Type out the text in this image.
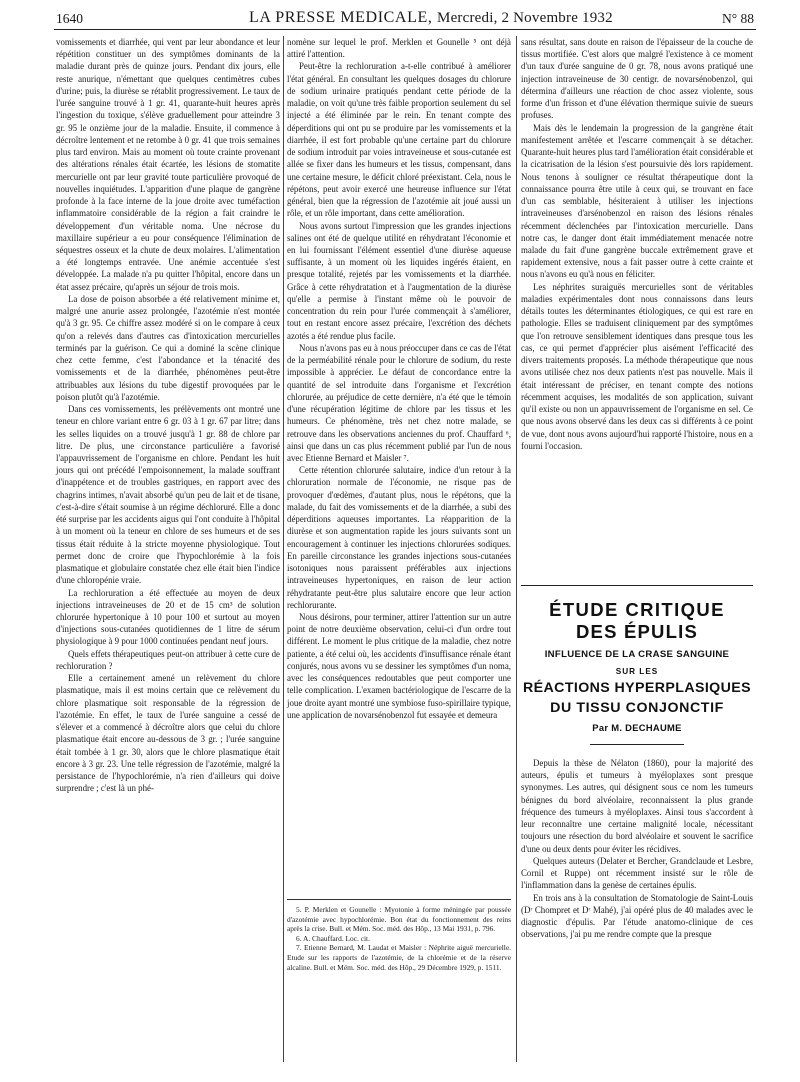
1640	LA PRESSE MEDICALE, Mercredi, 2 Novembre 1932	N° 88

vomissements et diarrhée, qui vent par leur abondance et leur répétition constituer un des symptômes dominants de la maladie durant près de quinze jours. Pendant dix jours, elle reste anurique, n'émettant que quelques centimètres cubes d'urine; puis, la diurèse se rétablit progressivement. Le taux de l'urée sanguine trouvé à 1 gr. 41, quarante-huit heures après l'ingestion du toxique, s'élève graduellement pour atteindre 3 gr. 95 le onzième jour de la maladie. Ensuite, il commence à décroître lentement et ne retombe à 0 gr. 41 que trois semaines plus tard environ. Mais au moment où toute crainte provenant des altérations rénales était écartée, les lésions de stomatite mercurielle ont par leur gravité toute particulière provoqué de nouvelles inquiétudes. L'apparition d'une plaque de gangrène profonde à la face interne de la joue droite avec tuméfaction inflammatoire considérable de la région a fait craindre le développement d'un véritable noma. Une nécrose du maxillaire supérieur a eu pour conséquence l'élimination de séquestres osseux et la chute de deux molaires. L'alimentation a été longtemps entravée. Une anémie accentuée s'est développée. La malade n'a pu quitter l'hôpital, encore dans un état assez précaire, qu'après un séjour de trois mois.

La dose de poison absorbée a été relativement minime et, malgré une anurie assez prolongée, l'azotémie n'est montée qu'à 3 gr. 95. Ce chiffre assez modéré si on le compare à ceux qu'on a relevés dans d'autres cas d'intoxication mercurielles terminés par la guérison. Ce qui a dominé la scène clinique chez cette femme, c'est l'abondance et la ténacité des vomissements et de la diarrhée, phénomènes peut-être attribuables aux lésions du tube digestif provoquées par le poison plutôt qu'à l'azotémie.

Dans ces vomissements, les prélèvements ont montré une teneur en chlore variant entre 6 gr. 03 à 1 gr. 67 par litre; dans les selles liquides on a trouvé jusqu'à 1 gr. 88 de chlore par litre. De plus, une circonstance particulière a favorisé l'appauvrissement de l'organisme en chlore. Pendant les huit jours qui ont précédé l'empoisonnement, la malade souffrant d'inappétence et de troubles gastriques, en rapport avec des chagrins intimes, n'avait absorbé qu'un peu de lait et de tisane, c'est-à-dire s'était soumise à un régime déchloruré. Elle a donc été surprise par les accidents aigus qui l'ont conduite à l'hôpital à un moment où la teneur en chlore de ses humeurs et de ses tissus était réduite à la stricte moyenne physiologique. Tout permet donc de croire que l'hypochlorémie à la fois plasmatique et globulaire constatée chez elle était bien l'indice d'une chloropénie vraie.

La rechloruration a été effectuée au moyen de deux injections intraveineuses de 20 et de 15 cm³ de solution chlorurée hypertonique à 10 pour 100 et surtout au moyen d'injections sous-cutanées quotidiennes de 1 litre de sérum physiologique à 9 pour 1000 continuées pendant neuf jours.

Quels effets thérapeutiques peut-on attribuer à cette cure de rechloruration ?

Elle a certainement amené un relèvement du chlore plasmatique, mais il est moins certain que ce relèvement du chlore plasmatique soit responsable de la régression de l'azotémie. En effet, le taux de l'urée sanguine a cessé de s'élever et a commencé à décroître alors que celui du chlore plasmatique était encore au-dessous de 3 gr. ; l'urée sanguine était tombée à 1 gr. 30, alors que le chlore plasmatique était encore à 3 gr. 23. Une telle régression de l'azotémie, malgré la persistance de l'hypochlorémie, n'a rien d'ailleurs qui doive surprendre ; c'est là un phé-

nomène sur lequel le prof. Merklen et Gounelle ⁵ ont déjà attiré l'attention.

Peut-être la rechloruration a-t-elle contribué à améliorer l'état général. En consultant les quelques dosages du chlorure de sodium urinaire pratiqués pendant cette période de la maladie, on voit qu'une très faible proportion seulement du sel injecté a été éliminée par le rein. En tenant compte des déperditions qui ont pu se produire par les vomissements et la diarrhée, il est fort probable qu'une certaine part du chlorure de sodium introduit par voies intraveineuse et sous-cutanée est allée se fixer dans les humeurs et les tissus, compensant, dans une certaine mesure, le déficit chloré préexistant. Cela, nous le répétons, peut avoir exercé une heureuse influence sur l'état général, bien que la régression de l'azotémie ait joué aussi un rôle, et un rôle important, dans cette amélioration.

Nous avons surtout l'impression que les grandes injections salines ont été de quelque utilité en réhydratant l'économie et en lui fournissant l'élément essentiel d'une diurèse aqueuse suffisante, à un moment où les liquides ingérés étaient, en presque totalité, rejetés par les vomissements et la diarrhée. Grâce à cette réhydratation et à l'augmentation de la diurèse qu'elle a permise à l'instant même où le pouvoir de concentration du rein pour l'urée commençait à s'améliorer, tout en restant encore assez précaire, l'excrétion des déchets azotés a été rendue plus facile.

Nous n'avons pas eu à nous préoccuper dans ce cas de l'état de la perméabilité rénale pour le chlorure de sodium, du reste impossible à apprécier. Le défaut de concordance entre la quantité de sel introduite dans l'organisme et l'excrétion chlorurée, au préjudice de cette dernière, n'a été que le témoin d'une récupération légitime de chlore par les tissus et les humeurs. Ce phénomène, très net chez notre malade, se retrouve dans les observations anciennes du prof. Chauffard ⁶, ainsi que dans un cas plus récemment publié par l'un de nous avec Etienne Bernard et Maisler ⁷.

Cette rétention chlorurée salutaire, indice d'un retour à la chloruration normale de l'économie, ne risque pas de provoquer d'œdèmes, d'autant plus, nous le répétons, que la malade, du fait des vomissements et de la diarrhée, a subi des déperditions aqueuses importantes. La réapparition de la diurèse et son augmentation rapide les jours suivants sont un encouragement à continuer les injections chlorurées sodiques. En pareille circonstance les grandes injections sous-cutanées isotoniques nous paraissent préférables aux injections intraveineuses hypertoniques, en raison de leur action réhydratante peut-être plus salutaire encore que leur action rechlorurante.

Nous désirons, pour terminer, attirer l'attention sur un autre point de notre deuxième observation, celui-ci d'un ordre tout différent. Le moment le plus critique de la maladie, chez notre patiente, a été celui où, les accidents d'insuffisance rénale étant conjurés, nous avons vu se dessiner les symptômes d'un noma, avec les conséquences redoutables que peut comporter une telle complication. L'examen bactériologique de l'escarre de la joue droite ayant montré une symbiose fuso-spirillaire typique, une application de novarsénobenzol fut essayée et demeura

5. P. Merklen et Gounelle : Myotonie à forme méningée par poussée d'azotémie avec hypochlorémie. Bon état du fonctionnement des reins après la crise. Bull. et Mém. Soc. méd. des Hôp., 13 Mai 1931, p. 796.

6. A. Chauffard. Loc. cit.

7. Etienne Bernard, M. Laudat et Maisler : Néphrite aiguë mercurielle. Etude sur les rapports de l'azotémie, de la chlorémie et de la réserve alcaline. Bull. et Mém. Soc. méd. des Hôp., 29 Décembre 1929, p. 1511.

sans résultat, sans doute en raison de l'épaisseur de la couche de tissus mortifiée. C'est alors que malgré l'existence à ce moment d'un taux d'urée sanguine de 0 gr. 78, nous avons pratiqué une injection intraveineuse de 30 centigr. de novarsénobenzol, qui détermina d'ailleurs une réaction de choc assez violente, sous forme d'un frisson et d'une élévation thermique suivie de sueurs profuses.

Mais dès le lendemain la progression de la gangrène était manifestement arrêtée et l'escarre commençait à se détacher. Quarante-huit heures plus tard l'amélioration était considérable et la cicatrisation de la lésion s'est poursuivie dès lors rapidement. Nous tenons à souligner ce résultat thérapeutique dont la connaissance pourra être utile à ceux qui, se trouvant en face d'un cas semblable, hésiteraient à utiliser les injections intraveineuses d'arsénobenzol en raison des lésions rénales récemment déclenchées par l'intoxication mercurielle. Dans notre cas, le danger dont était immédiatement menacée notre malade du fait d'une gangrène buccale extrêmement grave et rapidement extensive, nous a fait passer outre à cette crainte et nous n'avons eu qu'à nous en féliciter.

Les néphrites suraiguës mercurielles sont de véritables maladies expérimentales dont nous connaissons dans leurs détails toutes les déterminantes étiologiques, ce qui est rare en pathologie. Elles se traduisent cliniquement par des symptômes que l'on retrouve sensiblement identiques dans presque tous les cas, ce qui permet d'apprécier plus aisément l'efficacité des divers traitements proposés. La méthode thérapeutique que nous avons utilisée chez nos deux patients n'est pas nouvelle. Mais il était intéressant de préciser, en tenant compte des notions récemment acquises, les modalités de son application, suivant qu'il existe ou non un appauvrissement de l'organisme en sel. Ce que nous avons observé dans les deux cas si différents à ce point de vue, dont nous avons aujourd'hui rapporté l'histoire, nous en a fourni l'occasion.

ÉTUDE CRITIQUE
DES ÉPULIS
INFLUENCE DE LA CRASE SANGUINE
SUR LES
RÉACTIONS HYPERPLASIQUES
DU TISSU CONJONCTIF
Par M. DECHAUME

Depuis la thèse de Nélaton (1860), pour la majorité des auteurs, épulis et tumeurs à myéloplaxes sont presque synonymes. Les autres, qui désignent sous ce nom les tumeurs bénignes du bord alvéolaire, reconnaissent la plus grande fréquence des tumeurs à myéloplaxes. Ainsi tous s'accordent à leur reconnaître une certaine malignité locale, nécessitant toujours une résection du bord alvéolaire et souvent le sacrifice d'une ou deux dents pour éviter les récidives.

Quelques auteurs (Delater et Bercher, Grandclaude et Lesbre, Cornil et Ruppe) ont récemment insisté sur le rôle de l'inflammation dans la genèse de certaines épulis.

En trois ans à la consultation de Stomatologie de Saint-Louis (Dʳ Chompret et Dʳ Mahé), j'ai opéré plus de 40 malades avec le diagnostic d'épulis. Par l'étude anatomo-clinique de ces observations, j'ai pu me rendre compte que la presque
